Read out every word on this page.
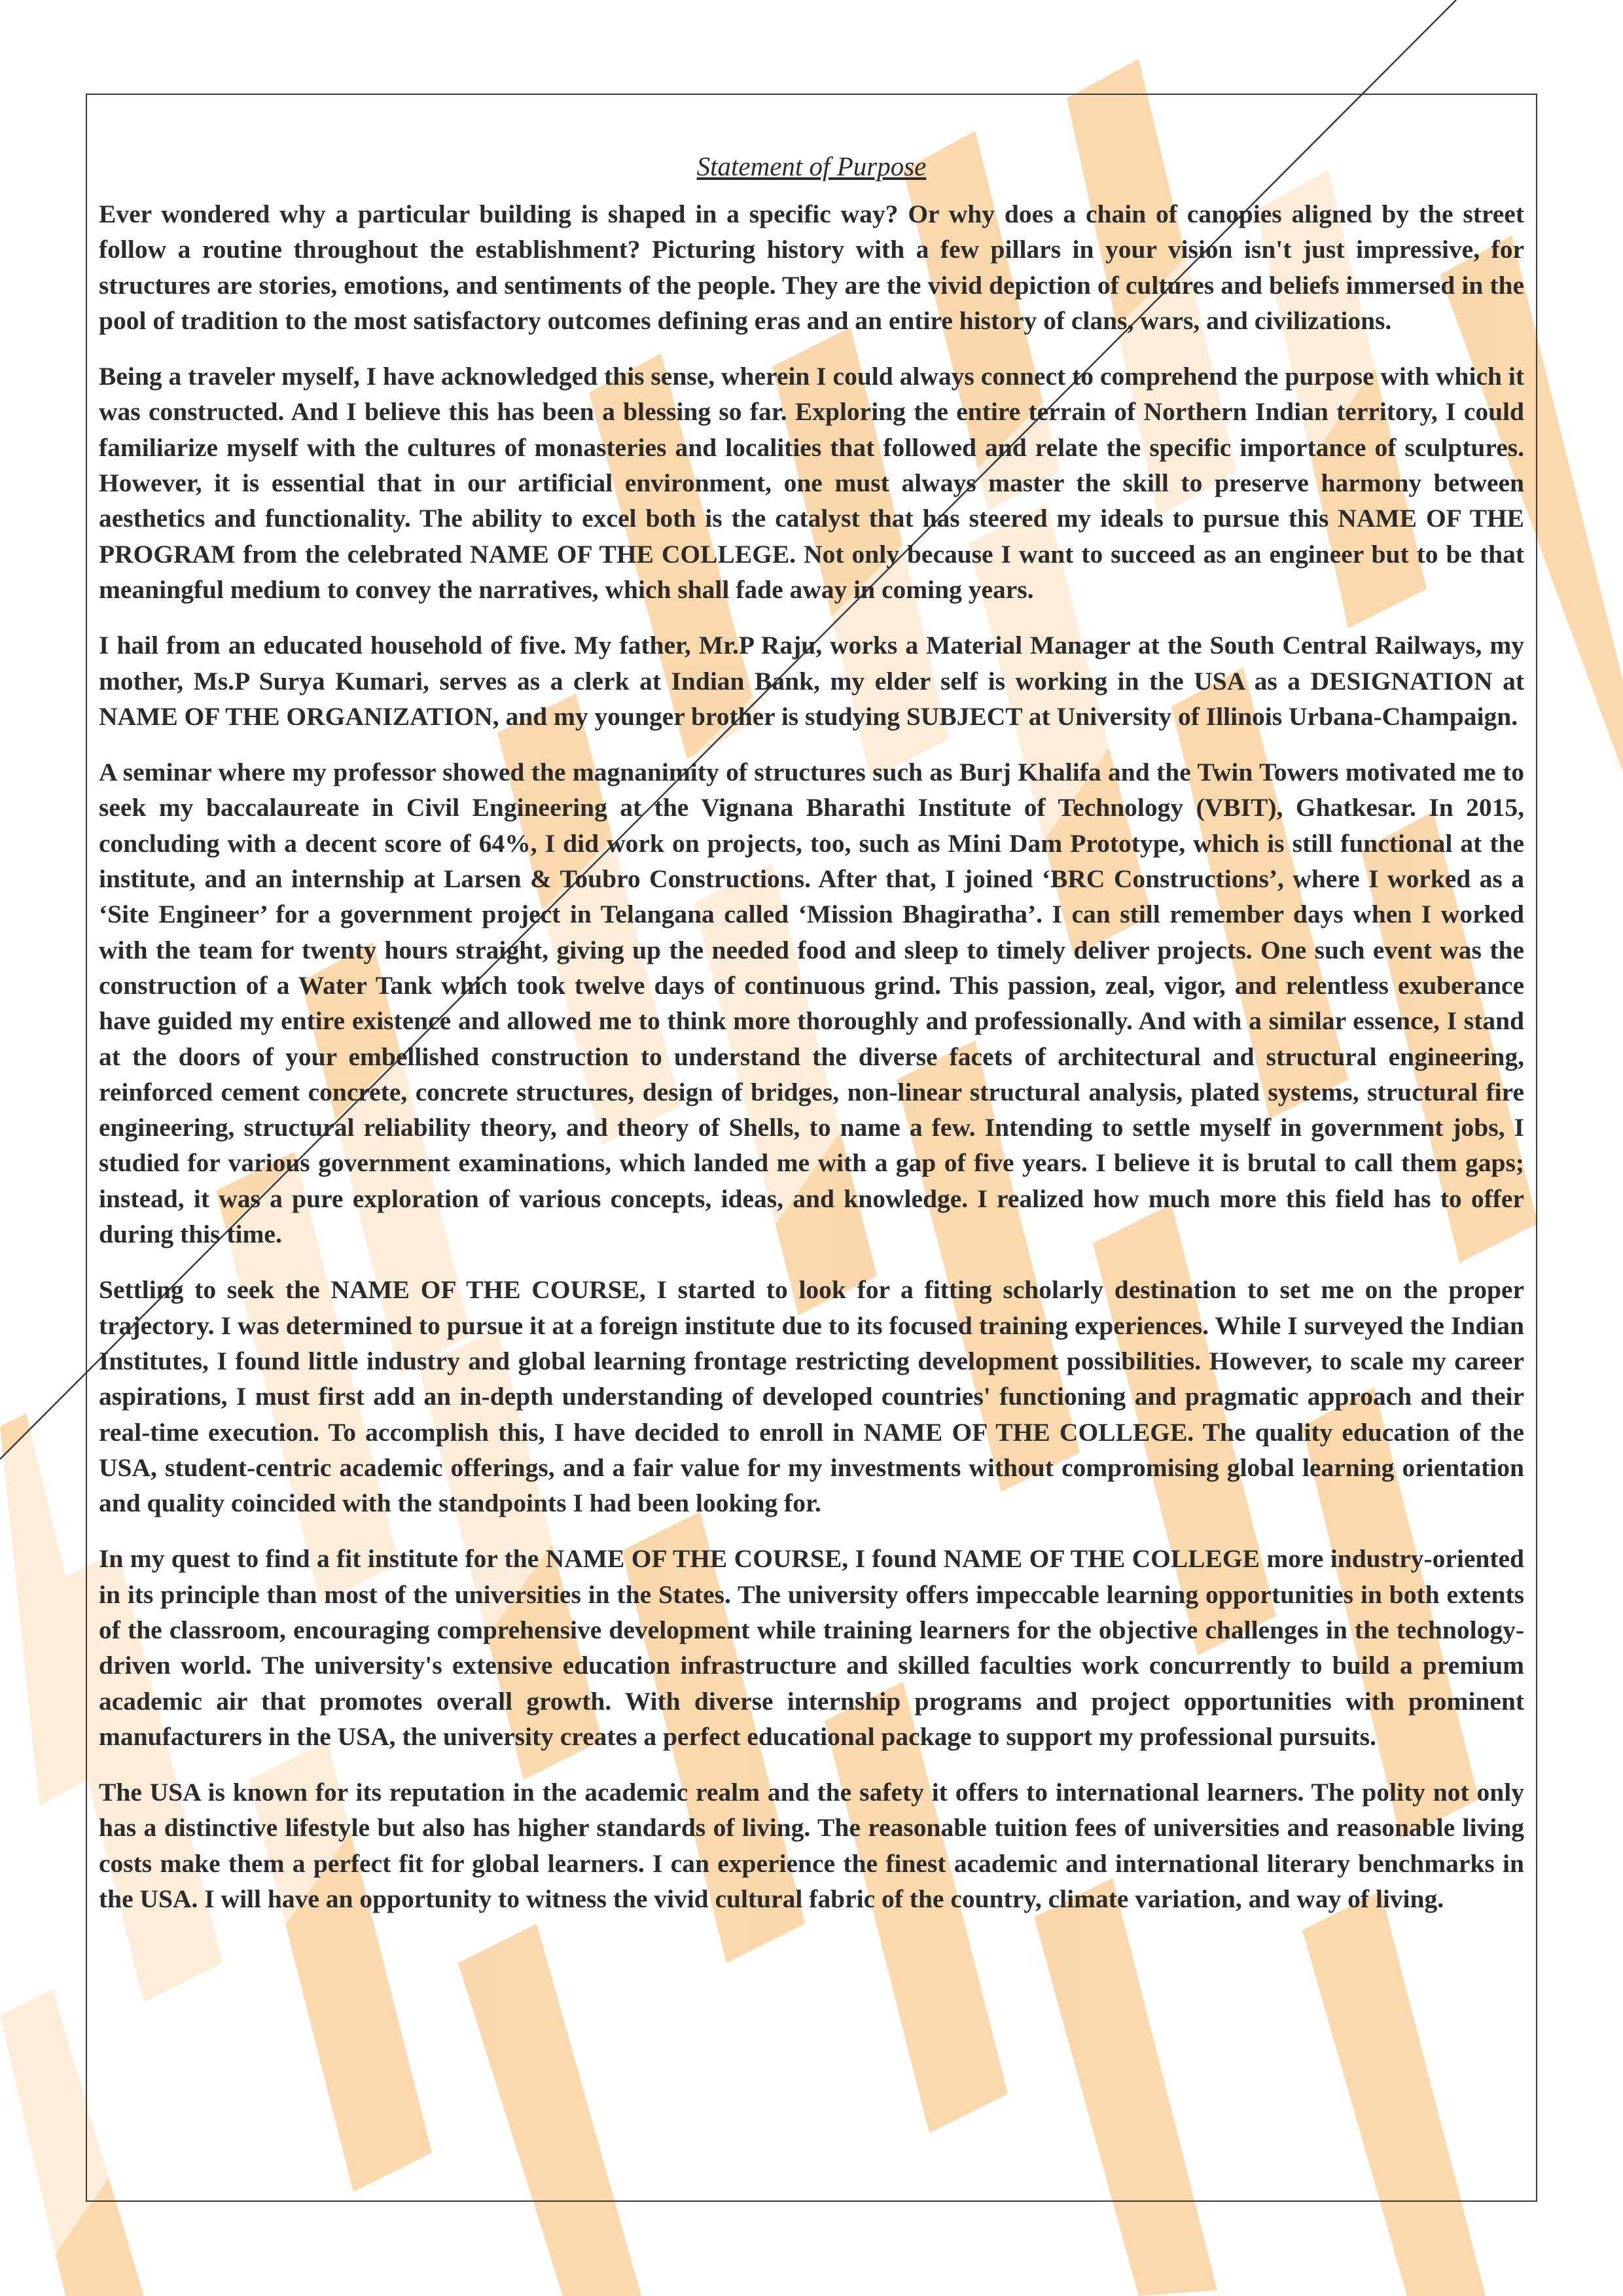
Statement of Purpose

Ever wondered why a particular building is shaped in a specific way? Or why does a chain of canopies aligned by the street follow a routine throughout the establishment? Picturing history with a few pillars in your vision isn't just impressive, for structures are stories, emotions, and sentiments of the people. They are the vivid depiction of cultures and beliefs immersed in the pool of tradition to the most satisfactory outcomes defining eras and an entire history of clans, wars, and civilizations.

Being a traveler myself, I have acknowledged this sense, wherein I could always connect to comprehend the purpose with which it was constructed. And I believe this has been a blessing so far. Exploring the entire terrain of Northern Indian territory, I could familiarize myself with the cultures of monasteries and localities that followed and relate the specific importance of sculptures. However, it is essential that in our artificial environment, one must always master the skill to preserve harmony between aesthetics and functionality. The ability to excel both is the catalyst that has steered my ideals to pursue this NAME OF THE PROGRAM from the celebrated NAME OF THE COLLEGE. Not only because I want to succeed as an engineer but to be that meaningful medium to convey the narratives, which shall fade away in coming years.

I hail from an educated household of five. My father, Mr.P Raju, works a Material Manager at the South Central Railways, my mother, Ms.P Surya Kumari, serves as a clerk at Indian Bank, my elder self is working in the USA as a DESIGNATION at NAME OF THE ORGANIZATION, and my younger brother is studying SUBJECT at University of Illinois Urbana-Champaign.

A seminar where my professor showed the magnanimity of structures such as Burj Khalifa and the Twin Towers motivated me to seek my baccalaureate in Civil Engineering at the Vignana Bharathi Institute of Technology (VBIT), Ghatkesar. In 2015, concluding with a decent score of 64%, I did work on projects, too, such as Mini Dam Prototype, which is still functional at the institute, and an internship at Larsen & Toubro Constructions. After that, I joined ‘BRC Constructions’, where I worked as a ‘Site Engineer’ for a government project in Telangana called ‘Mission Bhagiratha’. I can still remember days when I worked with the team for twenty hours straight, giving up the needed food and sleep to timely deliver projects. One such event was the construction of a Water Tank which took twelve days of continuous grind. This passion, zeal, vigor, and relentless exuberance have guided my entire existence and allowed me to think more thoroughly and professionally. And with a similar essence, I stand at the doors of your embellished construction to understand the diverse facets of architectural and structural engineering, reinforced cement concrete, concrete structures, design of bridges, non-linear structural analysis, plated systems, structural fire engineering, structural reliability theory, and theory of Shells, to name a few. Intending to settle myself in government jobs, I studied for various government examinations, which landed me with a gap of five years. I believe it is brutal to call them gaps; instead, it was a pure exploration of various concepts, ideas, and knowledge. I realized how much more this field has to offer during this time.

Settling to seek the NAME OF THE COURSE, I started to look for a fitting scholarly destination to set me on the proper trajectory. I was determined to pursue it at a foreign institute due to its focused training experiences. While I surveyed the Indian Institutes, I found little industry and global learning frontage restricting development possibilities. However, to scale my career aspirations, I must first add an in-depth understanding of developed countries' functioning and pragmatic approach and their real-time execution. To accomplish this, I have decided to enroll in NAME OF THE COLLEGE. The quality education of the USA, student-centric academic offerings, and a fair value for my investments without compromising global learning orientation and quality coincided with the standpoints I had been looking for.

In my quest to find a fit institute for the NAME OF THE COURSE, I found NAME OF THE COLLEGE more industry-oriented in its principle than most of the universities in the States. The university offers impeccable learning opportunities in both extents of the classroom, encouraging comprehensive development while training learners for the objective challenges in the technology-driven world. The university's extensive education infrastructure and skilled faculties work concurrently to build a premium academic air that promotes overall growth. With diverse internship programs and project opportunities with prominent manufacturers in the USA, the university creates a perfect educational package to support my professional pursuits.

The USA is known for its reputation in the academic realm and the safety it offers to international learners. The polity not only has a distinctive lifestyle but also has higher standards of living. The reasonable tuition fees of universities and reasonable living costs make them a perfect fit for global learners. I can experience the finest academic and international literary benchmarks in the USA. I will have an opportunity to witness the vivid cultural fabric of the country, climate variation, and way of living.
